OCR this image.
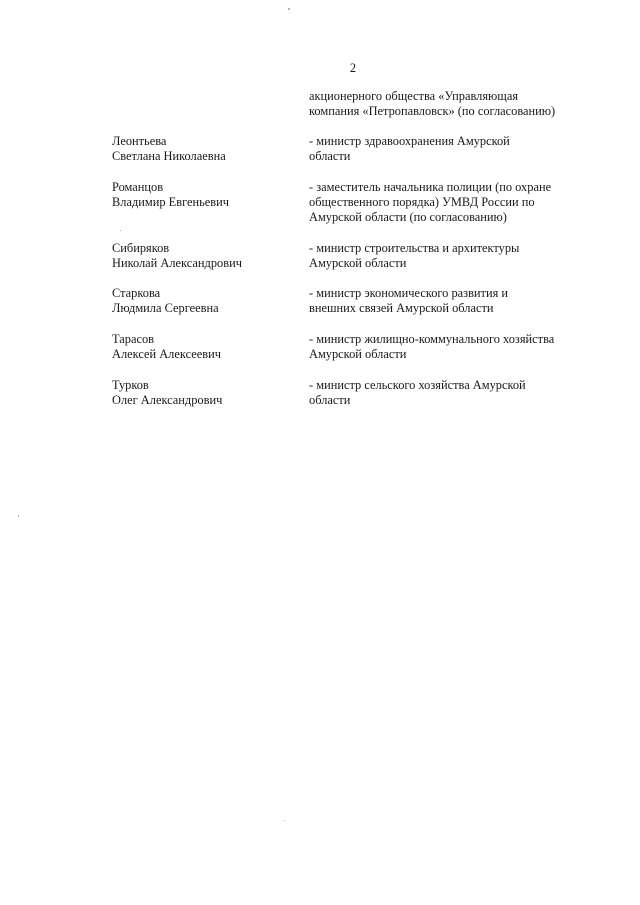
2
акционерного общества «Управляющая
компания «Петропавловск» (по согласованию)
Леонтьева
Светлана Николаевна
- министр здравоохранения Амурской
области
Романцов
Владимир Евгеньевич
- заместитель начальника полиции (по охране
общественного порядка) УМВД России по
Амурской области (по согласованию)
Сибиряков
Николай Александрович
- министр строительства и архитектуры
Амурской области
Старкова
Людмила Сергеевна
- министр экономического развития и
внешних связей Амурской области
Тарасов
Алексей Алексеевич
- министр жилищно-коммунального хозяйства
Амурской области
Турков
Олег Александрович
- министр сельского хозяйства Амурской
области
